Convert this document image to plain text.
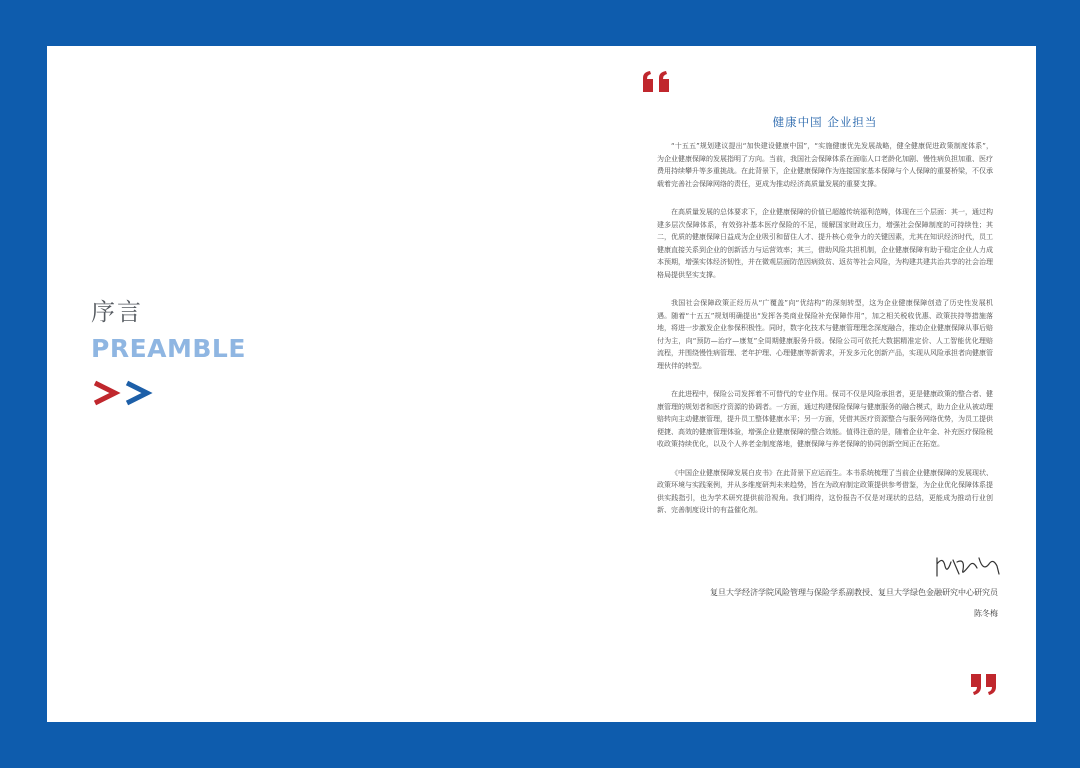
序言
PREAMBLE
健康中国 企业担当

“十五五”规划建议提出“加快建设健康中国”，“实施健康优先发展战略，健全健康促进政策制度体系”，为企业健康保障的发展指明了方向。当前，我国社会保障体系在面临人口老龄化加剧、慢性病负担加重、医疗费用持续攀升等多重挑战。在此背景下，企业健康保障作为连接国家基本保障与个人保障的重要桥梁，不仅承载着完善社会保障网络的责任，更成为推动经济高质量发展的重要支撑。

在高质量发展的总体要求下，企业健康保障的价值已超越传统福利范畴，体现在三个层面：其一，通过构建多层次保障体系，有效弥补基本医疗保险的不足，缓解国家财政压力，增强社会保障制度的可持续性；其二，优质的健康保障日益成为企业吸引和留住人才、提升核心竞争力的关键因素，尤其在知识经济时代，员工健康直接关系到企业的创新活力与运营效率；其三，借助风险共担机制，企业健康保障有助于稳定企业人力成本预期，增强实体经济韧性，并在微观层面防范因病致贫、返贫等社会风险，为构建共建共治共享的社会治理格局提供坚实支撑。

我国社会保障政策正经历从“广覆盖”向“优结构”的深刻转型，这为企业健康保障创造了历史性发展机遇。随着“十五五”规划明确提出“发挥各类商业保险补充保障作用”，加之相关税收优惠、政策扶持等措施落地，将进一步激发企业参保积极性。同时，数字化技术与健康管理理念深度融合，推动企业健康保障从事后赔付为主，向“预防—治疗—康复”全周期健康服务升级。保险公司可依托大数据精准定价、人工智能优化理赔流程，并围绕慢性病管理、老年护理、心理健康等新需求，开发多元化创新产品，实现从风险承担者向健康管理伙伴的转型。

在此进程中，保险公司发挥着不可替代的专业作用。保司不仅是风险承担者，更是健康政策的整合者、健康管理的规划者和医疗资源的协调者。一方面，通过构建保险保障与健康服务的融合模式，助力企业从被动理赔转向主动健康管理，提升员工整体健康水平；另一方面，凭借其医疗资源整合与服务网络优势，为员工提供便捷、高效的健康管理体验，增强企业健康保障的整合效能。值得注意的是，随着企业年金、补充医疗保险税收政策持续优化，以及个人养老金制度落地，健康保障与养老保障的协同创新空间正在拓宽。

《中国企业健康保障发展白皮书》在此背景下应运而生。本书系统梳理了当前企业健康保障的发展现状、政策环境与实践案例，并从多维度研判未来趋势，旨在为政府制定政策提供参考借鉴，为企业优化保障体系提供实践指引，也为学术研究提供前沿视角。我们期待，这份报告不仅是对现状的总结，更能成为推动行业创新、完善制度设计的有益催化剂。

复旦大学经济学院风险管理与保险学系副教授、复旦大学绿色金融研究中心研究员
陈冬梅
